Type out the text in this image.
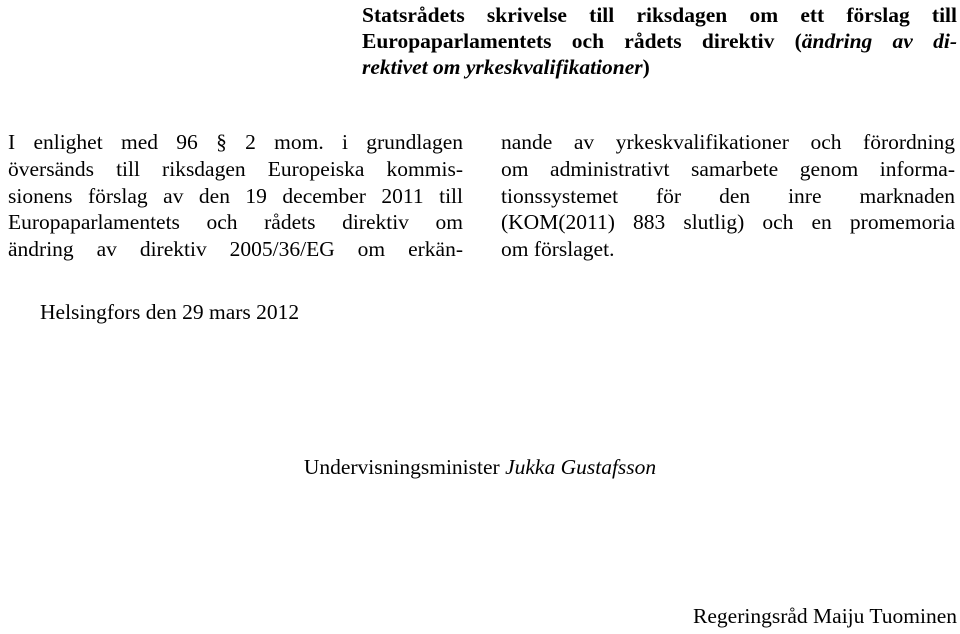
Statsrådets skrivelse till riksdagen om ett förslag till
Europaparlamentets och rådets direktiv (ändring av di-
rektivet om yrkeskvalifikationer)
I enlighet med 96 § 2 mom. i grundlagen
översänds till riksdagen Europeiska kommis-
sionens förslag av den 19 december 2011 till
Europaparlamentets och rådets direktiv om
ändring av direktiv 2005/36/EG om erkän-
nande av yrkeskvalifikationer och förordning
om administrativt samarbete genom informa-
tionssystemet för den inre marknaden
(KOM(2011) 883 slutlig) och en promemoria
om förslaget.
Helsingfors den 29 mars 2012
Undervisningsminister Jukka Gustafsson
Regeringsråd Maiju Tuominen
